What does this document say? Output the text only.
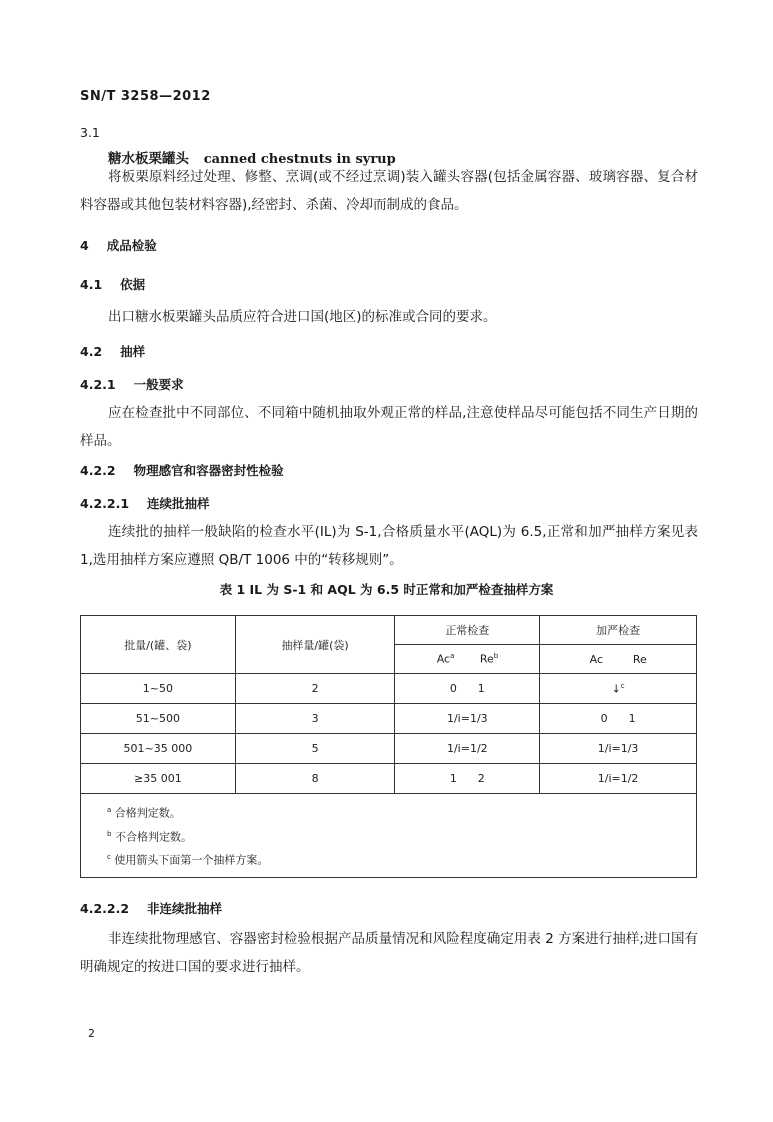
SN/T 3258—2012
3.1
糖水板栗罐头 canned chestnuts in syrup
将板栗原料经过处理、修整、烹调(或不经过烹调)装入罐头容器(包括金属容器、玻璃容器、复合材料容器或其他包装材料容器),经密封、杀菌、冷却而制成的食品。
4 成品检验
4.1 依据
出口糖水板栗罐头品质应符合进口国(地区)的标准或合同的要求。
4.2 抽样
4.2.1 一般要求
应在检查批中不同部位、不同箱中随机抽取外观正常的样品,注意使样品尽可能包括不同生产日期的样品。
4.2.2 物理感官和容器密封性检验
4.2.2.1 连续批抽样
连续批的抽样一般缺陷的检查水平(IL)为 S-1,合格质量水平(AQL)为 6.5,正常和加严抽样方案见表 1,选用抽样方案应遵照 QB/T 1006 中的“转移规则”。
表 1 IL 为 S-1 和 AQL 为 6.5 时正常和加严检查抽样方案
批量/(罐、袋)	抽样量/罐(袋)	正常检查	加严检查
		Ac$^a$ Re$^b$	Ac Re
1~50	2	0      1	↓$^c$
51~500	3	1/i=1/3	0      1
501~35 000	5	1/i=1/2	1/i=1/3
≥35 001	8	1      2	1/i=1/2

$^a$ 合格判定数。
$^b$ 不合格判定数。
$^c$ 使用箭头下面第一个抽样方案。			
4.2.2.2 非连续批抽样
非连续批物理感官、容器密封检验根据产品质量情况和风险程度确定用表 2 方案进行抽样;进口国有明确规定的按进口国的要求进行抽样。
2
